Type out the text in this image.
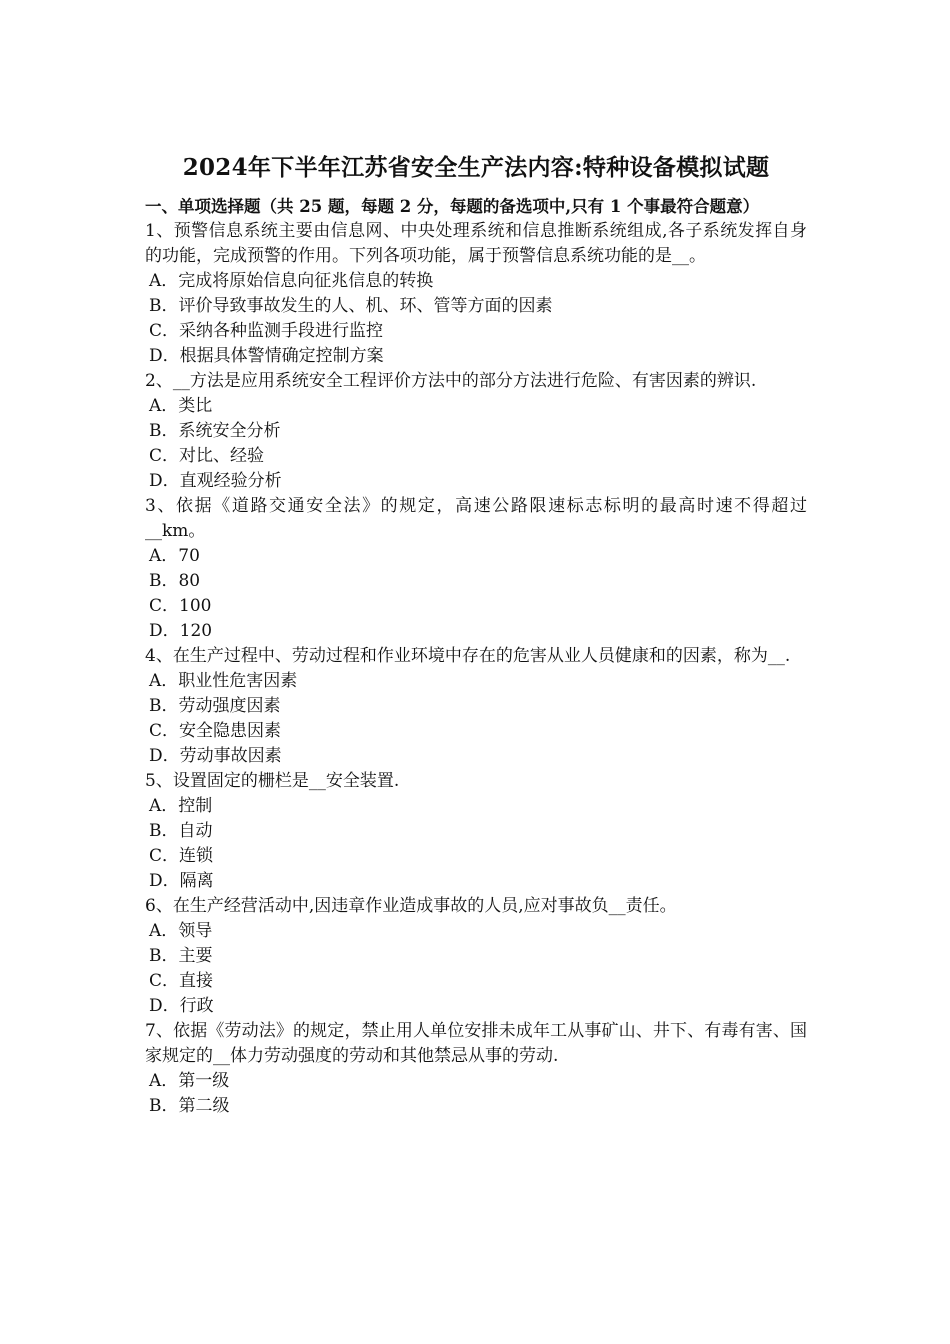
2024年下半年江苏省安全生产法内容:特种设备模拟试题

一、单项选择题（共 25 题，每题 2 分，每题的备选项中,只有 1 个事最符合题意）

1、预警信息系统主要由信息网、中央处理系统和信息推断系统组成,各子系统发挥自身的功能，完成预警的作用。下列各项功能，属于预警信息系统功能的是__。

A．完成将原始信息向征兆信息的转换

B．评价导致事故发生的人、机、环、管等方面的因素

C．采纳各种监测手段进行监控

D．根据具体警情确定控制方案

2、__方法是应用系统安全工程评价方法中的部分方法进行危险、有害因素的辨识.

A．类比

B．系统安全分析

C．对比、经验

D．直观经验分析

3、依据《道路交通安全法》的规定，高速公路限速标志标明的最高时速不得超过__km。

A．70

B．80

C．100

D．120

4、在生产过程中、劳动过程和作业环境中存在的危害从业人员健康和的因素，称为__.

A．职业性危害因素

B．劳动强度因素

C．安全隐患因素

D．劳动事故因素

5、设置固定的栅栏是__安全装置.

A．控制

B．自动

C．连锁

D．隔离

6、在生产经营活动中,因违章作业造成事故的人员,应对事故负__责任。

A．领导

B．主要

C．直接

D．行政

7、依据《劳动法》的规定，禁止用人单位安排未成年工从事矿山、井下、有毒有害、国家规定的__体力劳动强度的劳动和其他禁忌从事的劳动.

A．第一级

B．第二级
